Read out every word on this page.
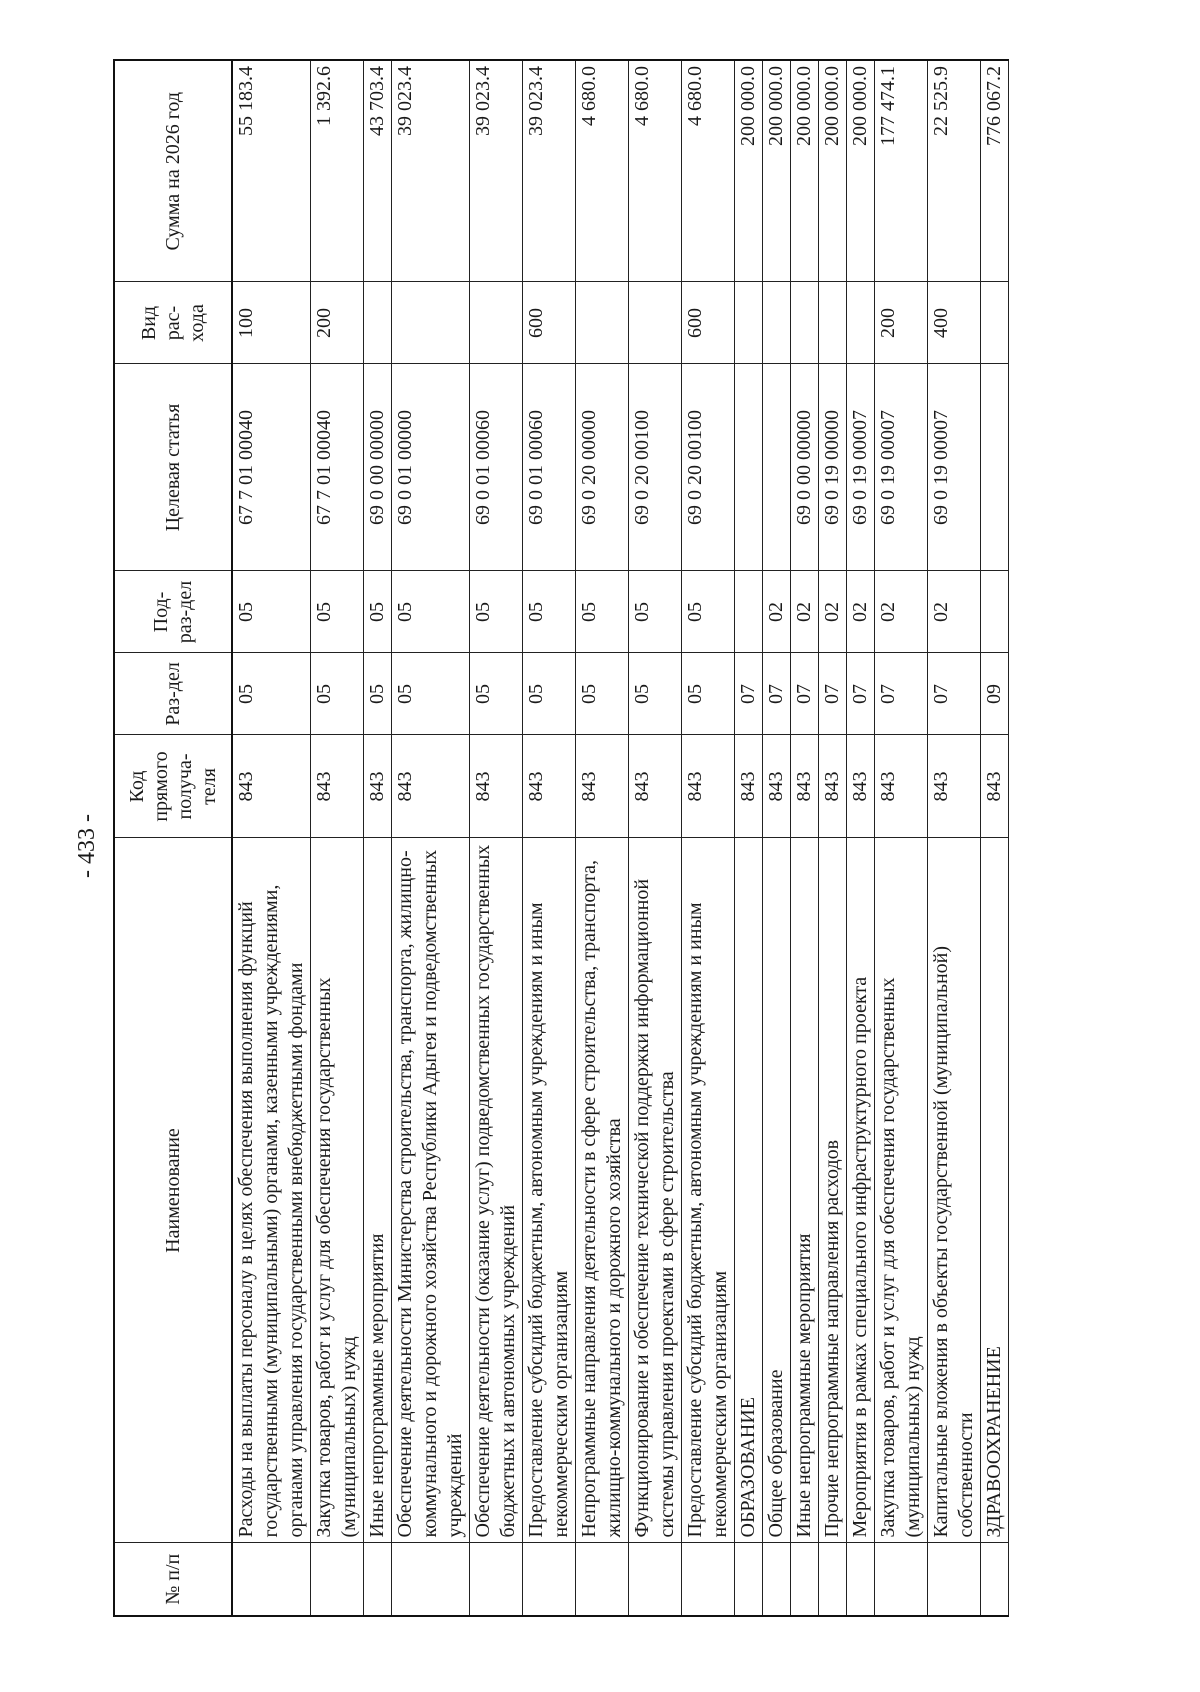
- 433 -
№ п/п	Наименование	Код прямого получа-теля	Раз-дел	Под-раз-дел	Целевая статья	Вид рас-хода	Сумма на 2026 год
	Расходы на выплаты персоналу в целях обеспечения выполнения функций государственными (муниципальными) органами, казенными учреждениями, органами управления государственными внебюджетными фондами	843	05	05	67 7 01 00040	100	55 183.4
	Закупка товаров, работ и услуг для обеспечения государственных (муниципальных) нужд	843	05	05	67 7 01 00040	200	1 392.6
	Иные непрограммные мероприятия	843	05	05	69 0 00 00000		43 703.4
	Обеспечение деятельности Министерства строительства, транспорта, жилищно-коммунального и дорожного хозяйства Республики Адыгея и подведомственных учреждений	843	05	05	69 0 01 00000		39 023.4
	Обеспечение деятельности (оказание услуг) подведомственных государственных бюджетных и автономных учреждений	843	05	05	69 0 01 00060		39 023.4
	Предоставление субсидий бюджетным, автономным учреждениям и иным некоммерческим организациям	843	05	05	69 0 01 00060	600	39 023.4
	Непрограммные направления деятельности в сфере строительства, транспорта, жилищно-коммунального и дорожного хозяйства	843	05	05	69 0 20 00000		4 680.0
	Функционирование и обеспечение технической поддержки информационной системы управления проектами в сфере строительства	843	05	05	69 0 20 00100		4 680.0
	Предоставление субсидий бюджетным, автономным учреждениям и иным некоммерческим организациям	843	05	05	69 0 20 00100	600	4 680.0
	ОБРАЗОВАНИЕ	843	07				200 000.0
	Общее образование	843	07	02			200 000.0
	Иные непрограммные мероприятия	843	07	02	69 0 00 00000		200 000.0
	Прочие непрограммные направления расходов	843	07	02	69 0 19 00000		200 000.0
	Мероприятия в рамках специального инфраструктурного проекта	843	07	02	69 0 19 00007		200 000.0
	Закупка товаров, работ и услуг для обеспечения государственных (муниципальных) нужд	843	07	02	69 0 19 00007	200	177 474.1
	Капитальные вложения в объекты государственной (муниципальной) собственности	843	07	02	69 0 19 00007	400	22 525.9
	ЗДРАВООХРАНЕНИЕ	843	09				776 067.2
